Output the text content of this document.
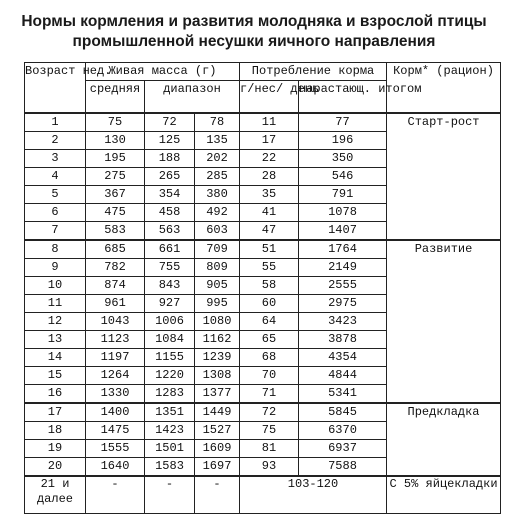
Нормы кормления и развития молодняка и взрослой птицы
промышленной несушки яичного направления
Возраст нед.	Живая масса (г)			Потребление корма		Корм* (рацион)
	средняя	диапазон		г/нес/ день	нарастающ. итогом	
1	75	72	78	11	77	Старт-рост
2	130	125	135	17	196	
3	195	188	202	22	350	
4	275	265	285	28	546	
5	367	354	380	35	791	
6	475	458	492	41	1078	
7	583	563	603	47	1407	
8	685	661	709	51	1764	Развитие
9	782	755	809	55	2149	
10	874	843	905	58	2555	
11	961	927	995	60	2975	
12	1043	1006	1080	64	3423	
13	1123	1084	1162	65	3878	
14	1197	1155	1239	68	4354	
15	1264	1220	1308	70	4844	
16	1330	1283	1377	71	5341	
17	1400	1351	1449	72	5845	Предкладка
18	1475	1423	1527	75	6370	
19	1555	1501	1609	81	6937	
20	1640	1583	1697	93	7588	
21 и далее	-	-	-	103-120		С 5% яйцекладки
